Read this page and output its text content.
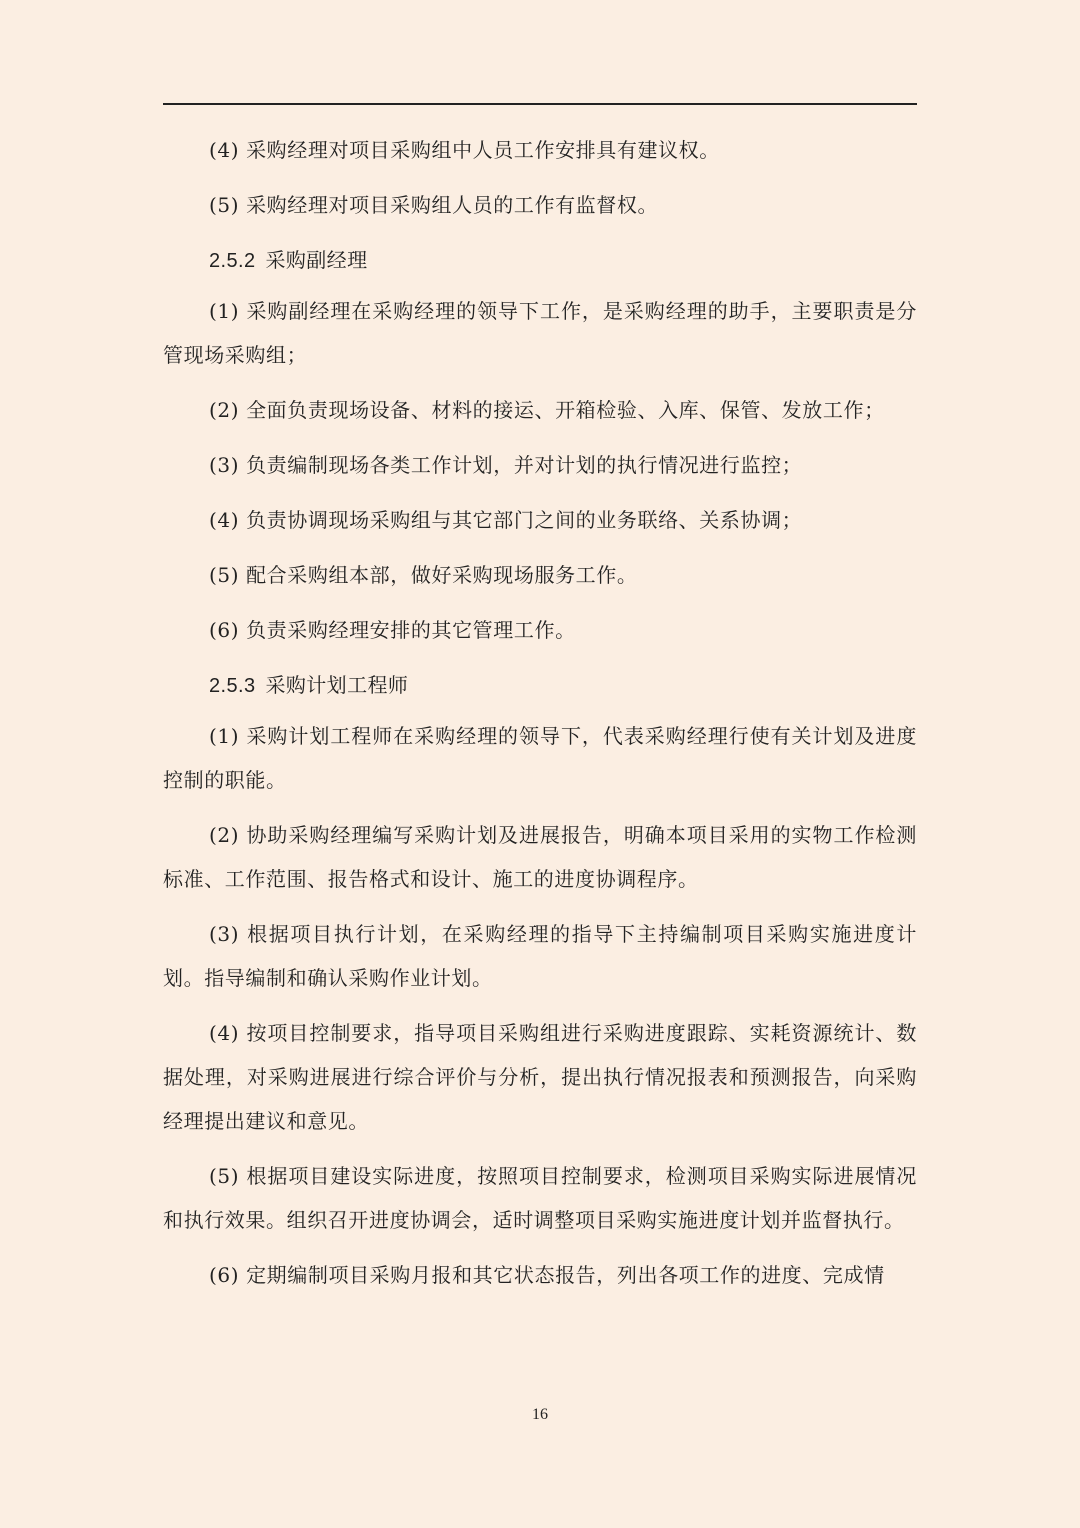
(4) 采购经理对项目采购组中人员工作安排具有建议权。

(5) 采购经理对项目采购组人员的工作有监督权。

2.5.2 采购副经理

(1) 采购副经理在采购经理的领导下工作，是采购经理的助手，主要职责是分管现场采购组；

(2) 全面负责现场设备、材料的接运、开箱检验、入库、保管、发放工作；

(3) 负责编制现场各类工作计划，并对计划的执行情况进行监控；

(4) 负责协调现场采购组与其它部门之间的业务联络、关系协调；

(5) 配合采购组本部，做好采购现场服务工作。

(6) 负责采购经理安排的其它管理工作。

2.5.3 采购计划工程师

(1) 采购计划工程师在采购经理的领导下，代表采购经理行使有关计划及进度控制的职能。

(2) 协助采购经理编写采购计划及进展报告，明确本项目采用的实物工作检测标准、工作范围、报告格式和设计、施工的进度协调程序。

(3) 根据项目执行计划，在采购经理的指导下主持编制项目采购实施进度计划。指导编制和确认采购作业计划。

(4) 按项目控制要求，指导项目采购组进行采购进度跟踪、实耗资源统计、数据处理，对采购进展进行综合评价与分析，提出执行情况报表和预测报告，向采购经理提出建议和意见。

(5) 根据项目建设实际进度，按照项目控制要求，检测项目采购实际进展情况和执行效果。组织召开进度协调会，适时调整项目采购实施进度计划并监督执行。

(6) 定期编制项目采购月报和其它状态报告，列出各项工作的进度、完成情

16
